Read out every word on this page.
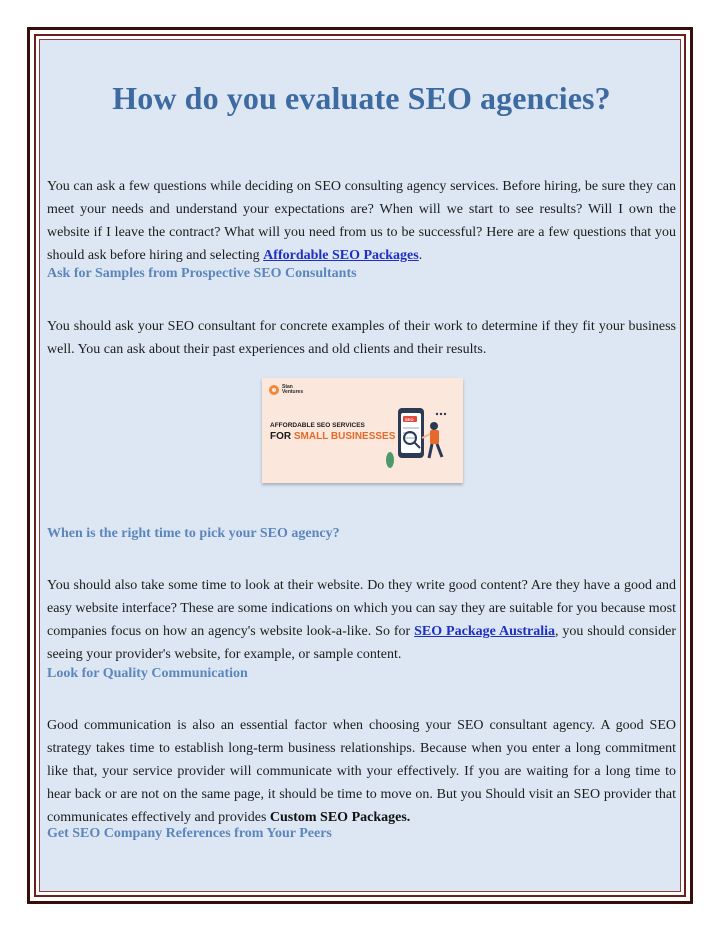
How do you evaluate SEO agencies?

You can ask a few questions while deciding on SEO consulting agency services. Before hiring, be sure they can meet your needs and understand your expectations are? When will we start to see results? Will I own the website if I leave the contract? What will you need from us to be successful? Here are a few questions that you should ask before hiring and selecting Affordable SEO Packages.

Ask for Samples from Prospective SEO Consultants

You should ask your SEO consultant for concrete examples of their work to determine if they fit your business well. You can ask about their past experiences and old clients and their results.

Stan
Ventures
AFFORDABLE SEO SERVICES
FOR SMALL BUSINESSES
SEO
When is the right time to pick your SEO agency?

You should also take some time to look at their website. Do they write good content? Are they have a good and easy website interface? These are some indications on which you can say they are suitable for you because most companies focus on how an agency's website look-a-like. So for SEO Package Australia, you should consider seeing your provider's website, for example, or sample content.

Look for Quality Communication

Good communication is also an essential factor when choosing your SEO consultant agency. A good SEO strategy takes time to establish long-term business relationships. Because when you enter a long commitment like that, your service provider will communicate with your effectively. If you are waiting for a long time to hear back or are not on the same page, it should be time to move on. But you Should visit an SEO provider that communicates effectively and provides Custom SEO Packages.

Get SEO Company References from Your Peers
